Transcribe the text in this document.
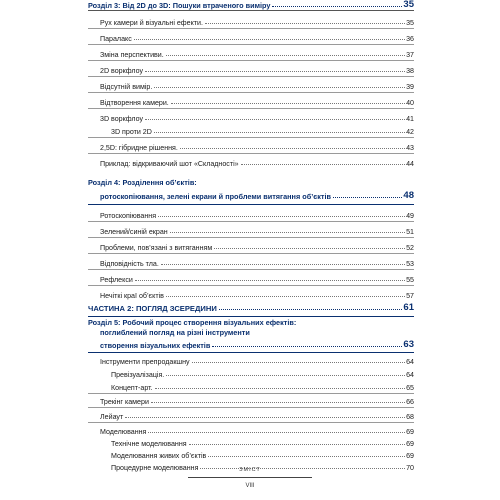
Розділ 3: Від 2D до 3D: Пошуки втраченого виміру	35
Рух камери й візуальні ефекти.	35
Паралакс	36
Зміна перспективи.	37
2D воркфлоу	38
Відсутній вимір.	39
Відтворення камери.	40
3D воркфлоу	41
3D проти 2D	42
2,5D: гібридне рішення.	43
Приклад: відкриваючий шот «Складності»	44
Розділ 4: Розділення об’єктів:
ротоскопіювання, зелені екрани й проблеми витягання об’єктів	48
Ротоскопіювання	49
Зелений/синій екран	51
Проблеми, пов’язані з витяганням	52
Відповідність тла.	53
Рефлекси	55
Нечіткі краї об’єктів	57
ЧАСТИНА 2: ПОГЛЯД ЗСЕРЕДИНИ	61
Розділ 5: Робочий процес створення візуальних ефектів:
поглиблений погляд на різні інструменти
створення візуальних ефектів	63
Інструменти препродакшну	64
Превізуалізація.	64
Концепт-арт.	65
Трекінг камери	66
Лейаут	68
Моделювання	69
Технічне моделювання	69
Моделювання живих об’єктів	69
Процедурне моделювання	70
ЗМІСТ
VIII
